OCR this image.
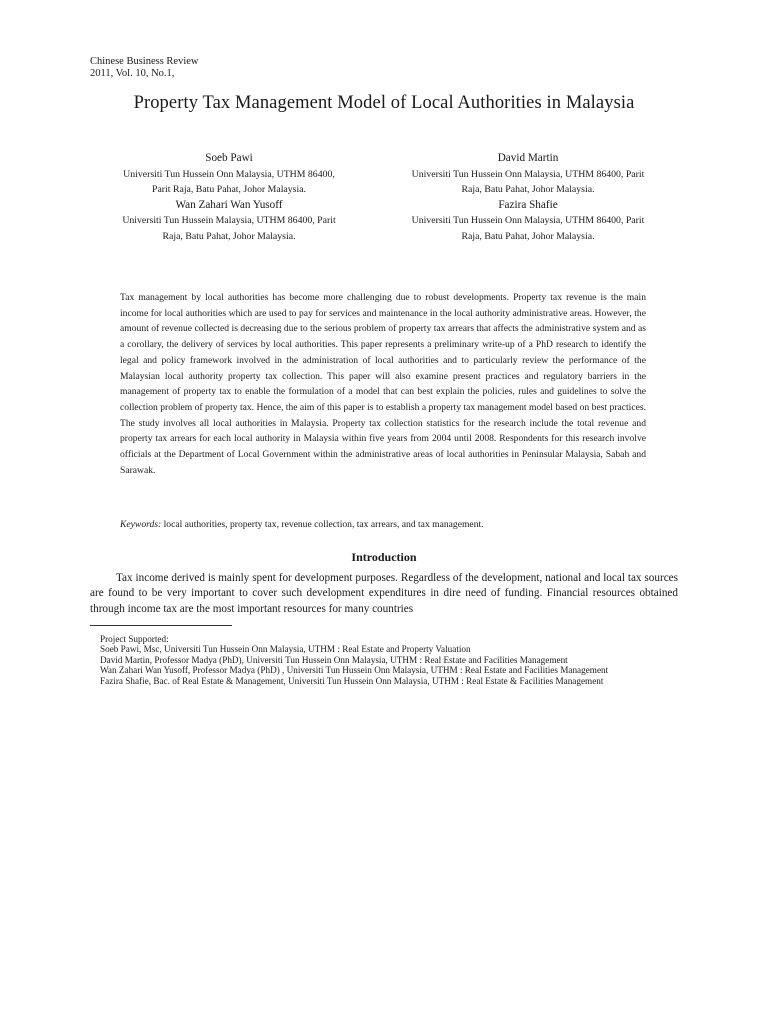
Chinese Business Review
2011, Vol. 10, No.1,
Property Tax Management Model of Local Authorities in Malaysia
Soeb Pawi
Universiti Tun Hussein Onn Malaysia, UTHM 86400, Parit Raja, Batu Pahat, Johor Malaysia.
Wan Zahari Wan Yusoff
Universiti Tun Hussein Malaysia, UTHM 86400, Parit Raja, Batu Pahat, Johor Malaysia.
David Martin
Universiti Tun Hussein Onn Malaysia, UTHM 86400, Parit Raja, Batu Pahat, Johor Malaysia.
Fazira Shafie
Universiti Tun Hussein Onn Malaysia, UTHM 86400, Parit Raja, Batu Pahat, Johor Malaysia.
Tax management by local authorities has become more challenging due to robust developments. Property tax revenue is the main income for local authorities which are used to pay for services and maintenance in the local authority administrative areas. However, the amount of revenue collected is decreasing due to the serious problem of property tax arrears that affects the administrative system and as a corollary, the delivery of services by local authorities. This paper represents a preliminary write-up of a PhD research to identify the legal and policy framework involved in the administration of local authorities and to particularly review the performance of the Malaysian local authority property tax collection. This paper will also examine present practices and regulatory barriers in the management of property tax to enable the formulation of a model that can best explain the policies, rules and guidelines to solve the collection problem of property tax. Hence, the aim of this paper is to establish a property tax management model based on best practices. The study involves all local authorities in Malaysia. Property tax collection statistics for the research include the total revenue and property tax arrears for each local authority in Malaysia within five years from 2004 until 2008. Respondents for this research involve officials at the Department of Local Government within the administrative areas of local authorities in Peninsular Malaysia, Sabah and Sarawak.
Keywords: local authorities, property tax, revenue collection, tax arrears, and tax management.
Introduction
Tax income derived is mainly spent for development purposes. Regardless of the development, national and local tax sources are found to be very important to cover such development expenditures in dire need of funding. Financial resources obtained through income tax are the most important resources for many countries
Project Supported:
Soeb Pawi, Msc, Universiti Tun Hussein Onn Malaysia, UTHM : Real Estate and Property Valuation
David Martin, Professor Madya (PhD), Universiti Tun Hussein Onn Malaysia, UTHM : Real Estate and Facilities Management
Wan Zahari Wan Yusoff, Professor Madya (PhD) , Universiti Tun Hussein Onn Malaysia, UTHM : Real Estate and Facilities Management
Fazira Shafie, Bac. of Real Estate & Management, Universiti Tun Hussein Onn Malaysia, UTHM : Real Estate & Facilities Management
